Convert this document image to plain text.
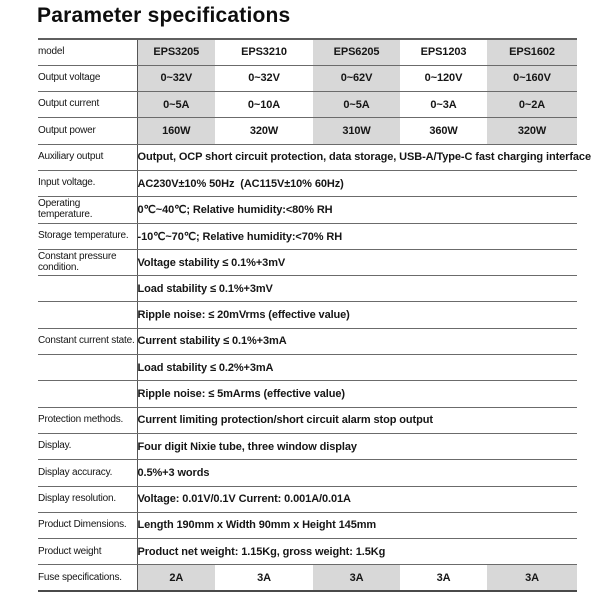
Parameter specifications
model	EPS3205	EPS3210	EPS6205	EPS1203	EPS1602
Output voltage	0~32V	0~32V	0~62V	0~120V	0~160V
Output current	0~5A	0~10A	0~5A	0~3A	0~2A
Output power	160W	320W	310W	360W	320W
Auxiliary output	Output, OCP short circuit protection, data storage, USB-A/Type-C fast charging interface				
Input voltage.	AC230V±10% 50Hz  (AC115V±10% 60Hz)				
Operating temperature.	0℃~40℃; Relative humidity:<80% RH				
Storage temperature.	-10℃~70℃; Relative humidity:<70% RH				
Constant pressure condition.	Voltage stability ≤ 0.1%+3mV				
	Load stability ≤ 0.1%+3mV				
	Ripple noise: ≤ 20mVrms (effective value)				
Constant current state.	Current stability ≤ 0.1%+3mA				
	Load stability ≤ 0.2%+3mA				
	Ripple noise: ≤ 5mArms (effective value)				
Protection methods.	Current limiting protection/short circuit alarm stop output				
Display.	Four digit Nixie tube, three window display				
Display accuracy.	0.5%+3 words				
Display resolution.	Voltage: 0.01V/0.1V Current: 0.001A/0.01A				
Product Dimensions.	Length 190mm x Width 90mm x Height 145mm				
Product weight	Product net weight: 1.15Kg, gross weight: 1.5Kg				
Fuse specifications.	2A	3A	3A	3A	3A
